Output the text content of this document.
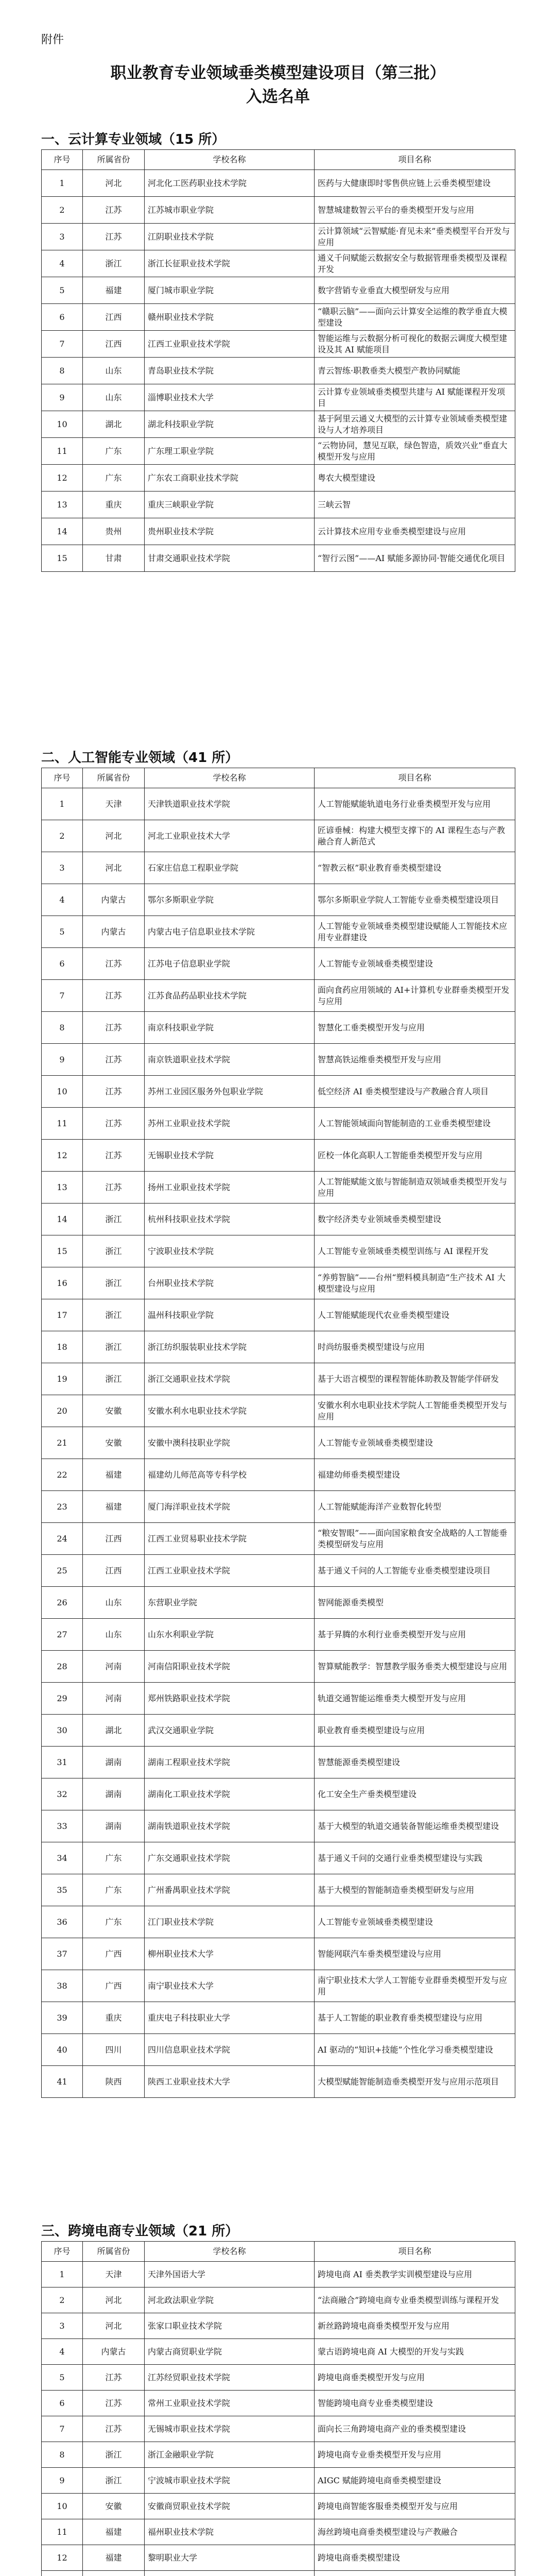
附件
职业教育专业领域垂类模型建设项目（第三批）
入选名单
一、云计算专业领域（15 所）
序号	所属省份	学校名称	项目名称
1	河北	河北化工医药职业技术学院	医药与大健康即时零售供应链上云垂类模型建设
2	江苏	江苏城市职业学院	智慧城建数智云平台的垂类模型开发与应用
3	江苏	江阴职业技术学院	云计算领域“云智赋能·育见未来”垂类模型平台开发与应用
4	浙江	浙江长征职业技术学院	通义千问赋能云数据安全与数据管理垂类模型及课程开发
5	福建	厦门城市职业学院	数字营销专业垂直大模型研发与应用
6	江西	赣州职业技术学院	“赣职云脑”——面向云计算安全运维的教学垂直大模型建设
7	江西	江西工业职业技术学院	智能运维与云数据分析可视化的数据云调度大模型建设及其 AI 赋能项目
8	山东	青岛职业技术学院	青云智练·职教垂类大模型产教协同赋能
9	山东	淄博职业技术大学	云计算专业领域垂类模型共建与 AI 赋能课程开发项目
10	湖北	湖北科技职业学院	基于阿里云通义大模型的云计算专业领域垂类模型建设与人才培养项目
11	广东	广东理工职业学院	“云物协同，慧见互联，绿色智造，质效兴业”垂直大模型开发与应用
12	广东	广东农工商职业技术学院	粤农大模型建设
13	重庆	重庆三峡职业学院	三峡云智
14	贵州	贵州职业技术学院	云计算技术应用专业垂类模型建设与应用
15	甘肃	甘肃交通职业技术学院	“智行云图”——AI 赋能多源协同·智能交通优化项目
二、人工智能专业领域（41 所）
序号	所属省份	学校名称	项目名称
1	天津	天津铁道职业技术学院	人工智能赋能轨道电务行业垂类模型开发与应用
2	河北	河北工业职业技术大学	匠谚垂械：构建大模型支撑下的 AI 课程生态与产教融合育人新范式
3	河北	石家庄信息工程职业学院	“智教云枢”职业教育垂类模型建设
4	内蒙古	鄂尔多斯职业学院	鄂尔多斯职业学院人工智能专业垂类模型建设项目
5	内蒙古	内蒙古电子信息职业技术学院	人工智能专业领域垂类模型建设赋能人工智能技术应用专业群建设
6	江苏	江苏电子信息职业学院	人工智能专业领域垂类模型建设
7	江苏	江苏食品药品职业技术学院	面向食药应用领域的 AI+计算机专业群垂类模型开发与应用
8	江苏	南京科技职业学院	智慧化工垂类模型开发与应用
9	江苏	南京铁道职业技术学院	智慧高铁运维垂类模型开发与应用
10	江苏	苏州工业园区服务外包职业学院	低空经济 AI 垂类模型建设与产教融合育人项目
11	江苏	苏州工业职业技术学院	人工智能领域面向智能制造的工业垂类模型建设
12	江苏	无锡职业技术学院	匠校一体化高职人工智能垂类模型开发与应用
13	江苏	扬州工业职业技术学院	人工智能赋能文旅与智能制造双领域垂类模型开发与应用
14	浙江	杭州科技职业技术学院	数字经济类专业领域垂类模型建设
15	浙江	宁波职业技术学院	人工智能专业领域垂类模型训练与 AI 课程开发
16	浙江	台州职业技术学院	“养剪智脑”——台州“塑料模具制造”生产技术 AI 大模型建设与应用
17	浙江	温州科技职业学院	人工智能赋能现代农业垂类模型建设
18	浙江	浙江纺织服装职业技术学院	时尚纺服垂类模型建设与应用
19	浙江	浙江交通职业技术学院	基于大语言模型的课程智能体助教及智能学伴研发
20	安徽	安徽水利水电职业技术学院	安徽水利水电职业技术学院人工智能垂类模型开发与应用
21	安徽	安徽中澳科技职业学院	人工智能专业领域垂类模型建设
22	福建	福建幼儿师范高等专科学校	福建幼师垂类模型建设
23	福建	厦门海洋职业技术学院	人工智能赋能海洋产业数智化转型
24	江西	江西工业贸易职业技术学院	“粮安智眼”——面向国家粮食安全战略的人工智能垂类模型研发与应用
25	江西	江西工业职业技术学院	基于通义千问的人工智能专业垂类模型建设项目
26	山东	东营职业学院	智网能源垂类模型
27	山东	山东水利职业学院	基于昇腾的水利行业垂类模型开发与应用
28	河南	河南信阳职业技术学院	智算赋能教学：智慧教学服务垂类大模型建设与应用
29	河南	郑州铁路职业技术学院	轨道交通智能运维垂类大模型开发与应用
30	湖北	武汉交通职业学院	职业教育垂类模型建设与应用
31	湖南	湖南工程职业技术学院	智慧能源垂类模型建设
32	湖南	湖南化工职业技术学院	化工安全生产垂类模型建设
33	湖南	湖南铁道职业技术学院	基于大模型的轨道交通装备智能运维垂类模型建设
34	广东	广东交通职业技术学院	基于通义千问的交通行业垂类模型建设与实践
35	广东	广州番禺职业技术学院	基于大模型的智能制造垂类模型研发与应用
36	广东	江门职业技术学院	人工智能专业领域垂类模型建设
37	广西	柳州职业技术大学	智能网联汽车垂类模型建设与应用
38	广西	南宁职业技术大学	南宁职业技术大学人工智能专业群垂类模型开发与应用
39	重庆	重庆电子科技职业大学	基于人工智能的职业教育垂类模型建设与应用
40	四川	四川信息职业技术学院	AI 驱动的“知识+技能”个性化学习垂类模型建设
41	陕西	陕西工业职业技术大学	大模型赋能智能制造垂类模型开发与应用示范项目
三、跨境电商专业领域（21 所）
序号	所属省份	学校名称	项目名称
1	天津	天津外国语大学	跨境电商 AI 垂类教学实训模型建设与应用
2	河北	河北政法职业学院	“法商融合”跨境电商专业垂类模型训练与课程开发
3	河北	张家口职业技术学院	新丝路跨境电商垂类模型开发与应用
4	内蒙古	内蒙古商贸职业学院	蒙古语跨境电商 AI 大模型的开发与实践
5	江苏	江苏经贸职业技术学院	跨境电商垂类模型开发与应用
6	江苏	常州工业职业技术学院	智能跨境电商专业垂类模型建设
7	江苏	无锡城市职业技术学院	面向长三角跨境电商产业的垂类模型建设
8	浙江	浙江金融职业学院	跨境电商专业垂类模型开发与应用
9	浙江	宁波城市职业技术学院	AIGC 赋能跨境电商垂类模型建设
10	安徽	安徽商贸职业技术学院	跨境电商智能客服垂类模型开发与应用
11	福建	福州职业技术学院	海丝跨境电商垂类模型建设与产教融合
12	福建	黎明职业大学	跨境电商垂类模型建设
